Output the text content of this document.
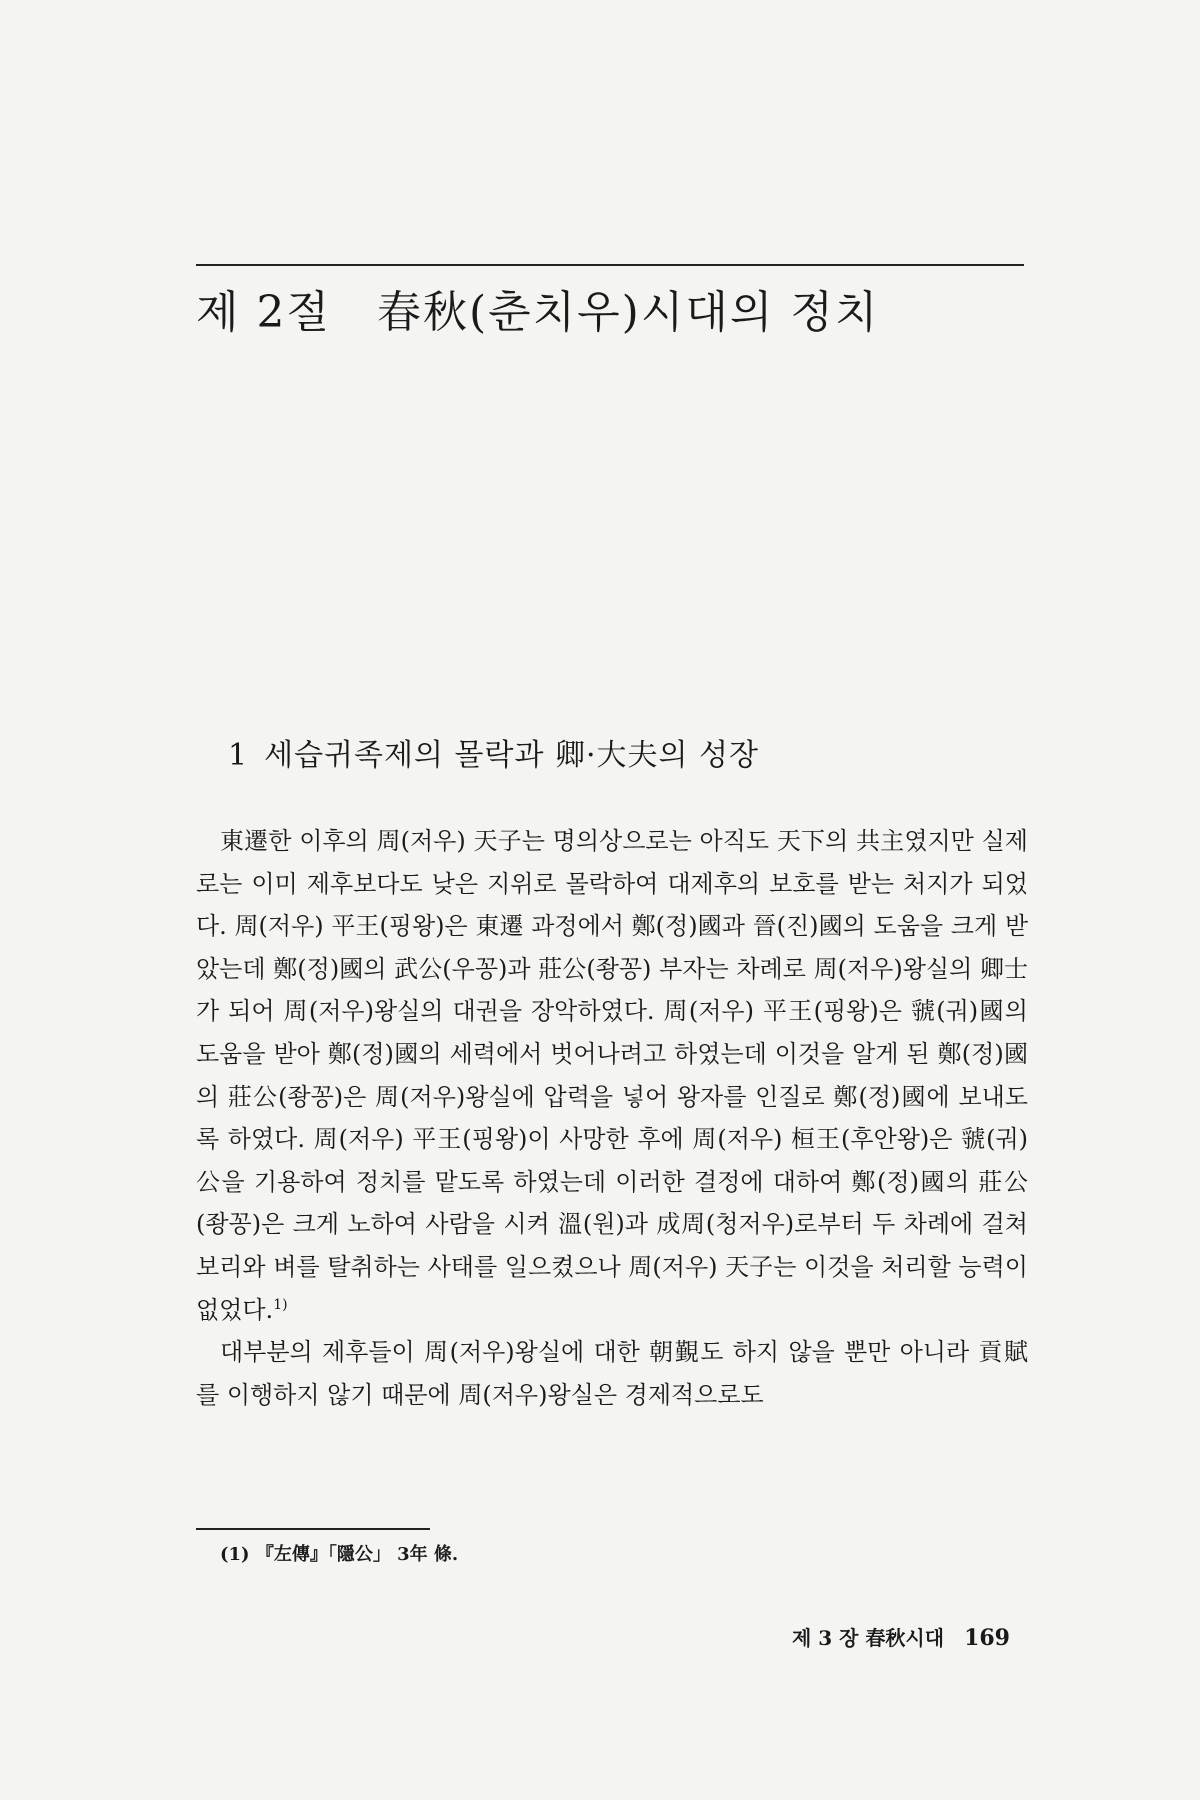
제 2절 春秋(춘치우)시대의 정치
1 세습귀족제의 몰락과 卿·大夫의 성장

東遷한 이후의 周(저우) 天子는 명의상으로는 아직도 天下의 共主였지만 실제로는 이미 제후보다도 낮은 지위로 몰락하여 대제후의 보호를 받는 처지가 되었다. 周(저우) 平王(핑왕)은 東遷 과정에서 鄭(정)國과 晉(진)國의 도움을 크게 받았는데 鄭(정)國의 武公(우꽁)과 莊公(좡꽁) 부자는 차례로 周(저우)왕실의 卿士가 되어 周(저우)왕실의 대권을 장악하였다. 周(저우) 平王(핑왕)은 虢(궈)國의 도움을 받아 鄭(정)國의 세력에서 벗어나려고 하였는데 이것을 알게 된 鄭(정)國의 莊公(좡꽁)은 周(저우)왕실에 압력을 넣어 왕자를 인질로 鄭(정)國에 보내도록 하였다. 周(저우) 平王(핑왕)이 사망한 후에 周(저우) 桓王(후안왕)은 虢(궈)公을 기용하여 정치를 맡도록 하였는데 이러한 결정에 대하여 鄭(정)國의 莊公(좡꽁)은 크게 노하여 사람을 시켜 溫(원)과 成周(청저우)로부터 두 차례에 걸쳐 보리와 벼를 탈취하는 사태를 일으켰으나 周(저우) 天子는 이것을 처리할 능력이 없었다.$^{1)}$

대부분의 제후들이 周(저우)왕실에 대한 朝覲도 하지 않을 뿐만 아니라 貢賦를 이행하지 않기 때문에 周(저우)왕실은 경제적으로도

(1) 『左傳』「隱公」 3年 條.
제 3 장 春秋시대 169
